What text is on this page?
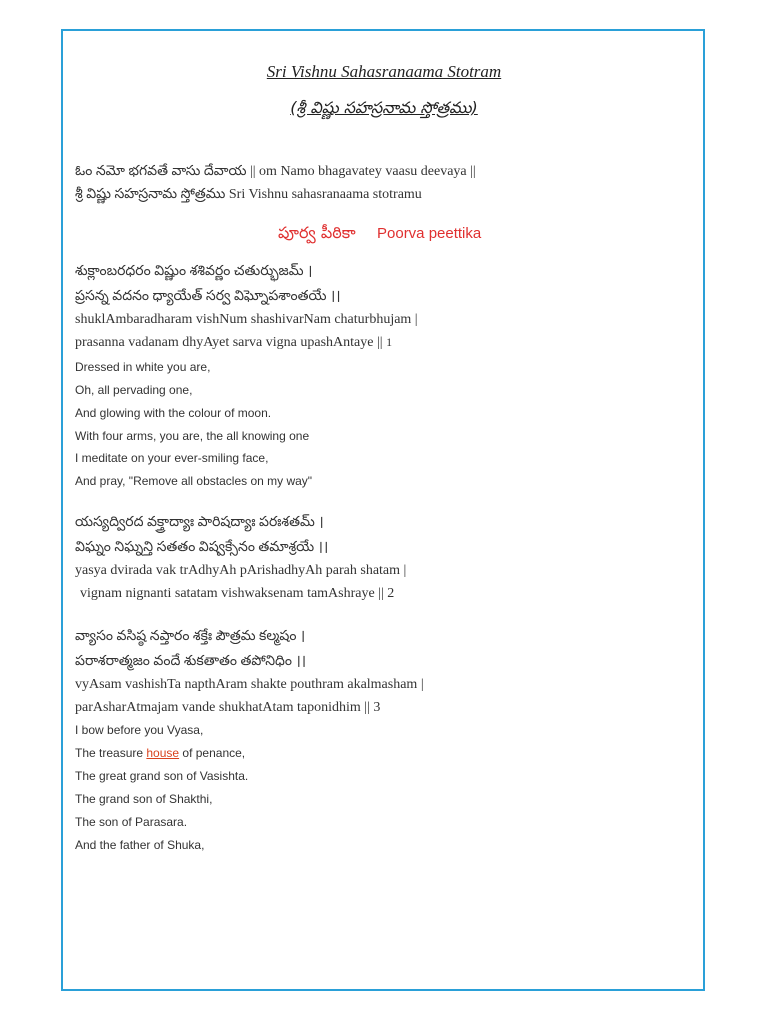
Sri Vishnu Sahasranaama Stotram
(శ్రీ విష్ణు సహస్రనామ స్తోత్రము)
ఓం నమో భగవతే వాసు దేవాయ || om Namo bhagavatey vaasu deevaya ||
శ్రీ విష్ణు సహస్రనామ స్తోత్రము Sri Vishnu sahasranaama stotramu
పూర్వ పీఠికా Poorva peettika
శుక్లాంబరధరం విష్ణుం శశివర్ణం చతుర్భుజమ్ ।
ప్రసన్న వదనం ధ్యాయేత్ సర్వ విఘ్నోపశాంతయే ।।
shuklAmbaradharam vishNum shashivarNam chaturbhujam |
prasanna vadanam dhyAyet sarva vigna upashAntaye || 1
Dressed in white you are,
Oh, all pervading one,
And glowing with the colour of moon.
With four arms, you are, the all knowing one
I meditate on your ever-smiling face,
And pray, "Remove all obstacles on my way"
యస్యద్విరద వక్త్రాద్యాః పారిషద్యాః పరఃశతమ్ ।
విఘ్నం నిఘ్నన్తి సతతం విష్వక్సేనం తమాశ్రయే ।।
yasya dvirada vak trAdhyAh pArishadhyAh parah shatam |
vignam nignanti satatam vishwaksenam tamAshraye || 2
వ్యాసం వసిష్ఠ నప్తారం శక్తేః పౌత్రమ కల్మషం ।
పరాశరాత్మజం వందే శుకతాతం తపోనిధిం ।।
vyAsam vashishTa napthAram shakte pouthram akalmasham |
parAsharAtmajam vande shukhatAtam taponidhim || 3
I bow before you Vyasa,
The treasure house of penance,
The great grand son of Vasishta.
The grand son of Shakthi,
The son of Parasara.
And the father of Shuka,
